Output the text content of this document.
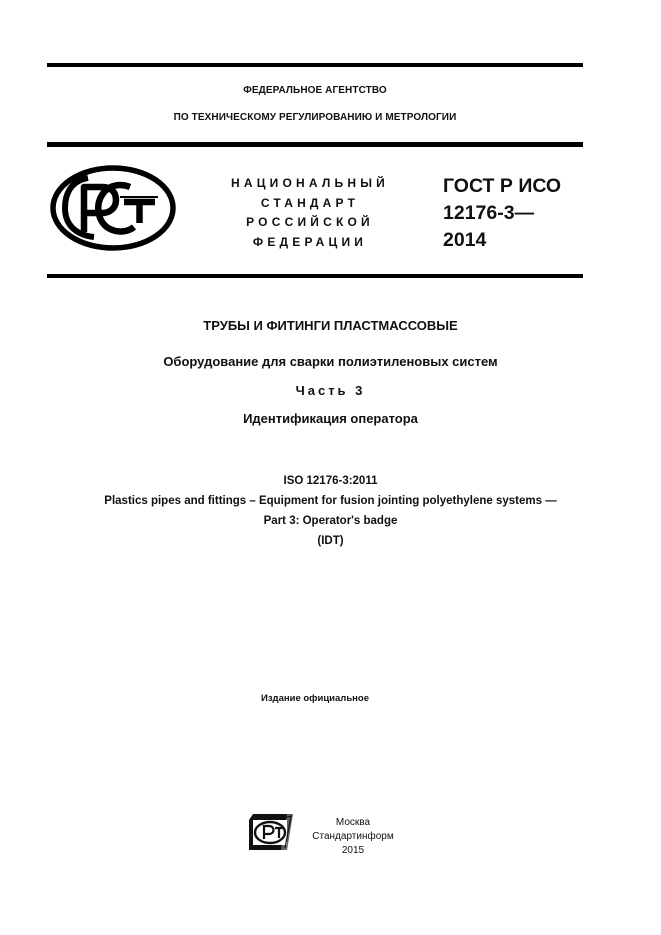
ФЕДЕРАЛЬНОЕ АГЕНТСТВО
ПО ТЕХНИЧЕСКОМУ РЕГУЛИРОВАНИЮ И МЕТРОЛОГИИ
НАЦИОНАЛЬНЫЙ
СТАНДАРТ
РОССИЙСКОЙ
ФЕДЕРАЦИИ
ГОСТ Р ИСО
12176-3—
2014
ТРУБЫ И ФИТИНГИ ПЛАСТМАССОВЫЕ
Оборудование для сварки полиэтиленовых систем
Часть 3
Идентификация оператора
ISO 12176-3:2011
Plastics pipes and fittings – Equipment for fusion jointing polyethylene systems —
Part 3: Operator's badge
(IDT)
Издание официальное
Москва
Стандартинформ
2015
